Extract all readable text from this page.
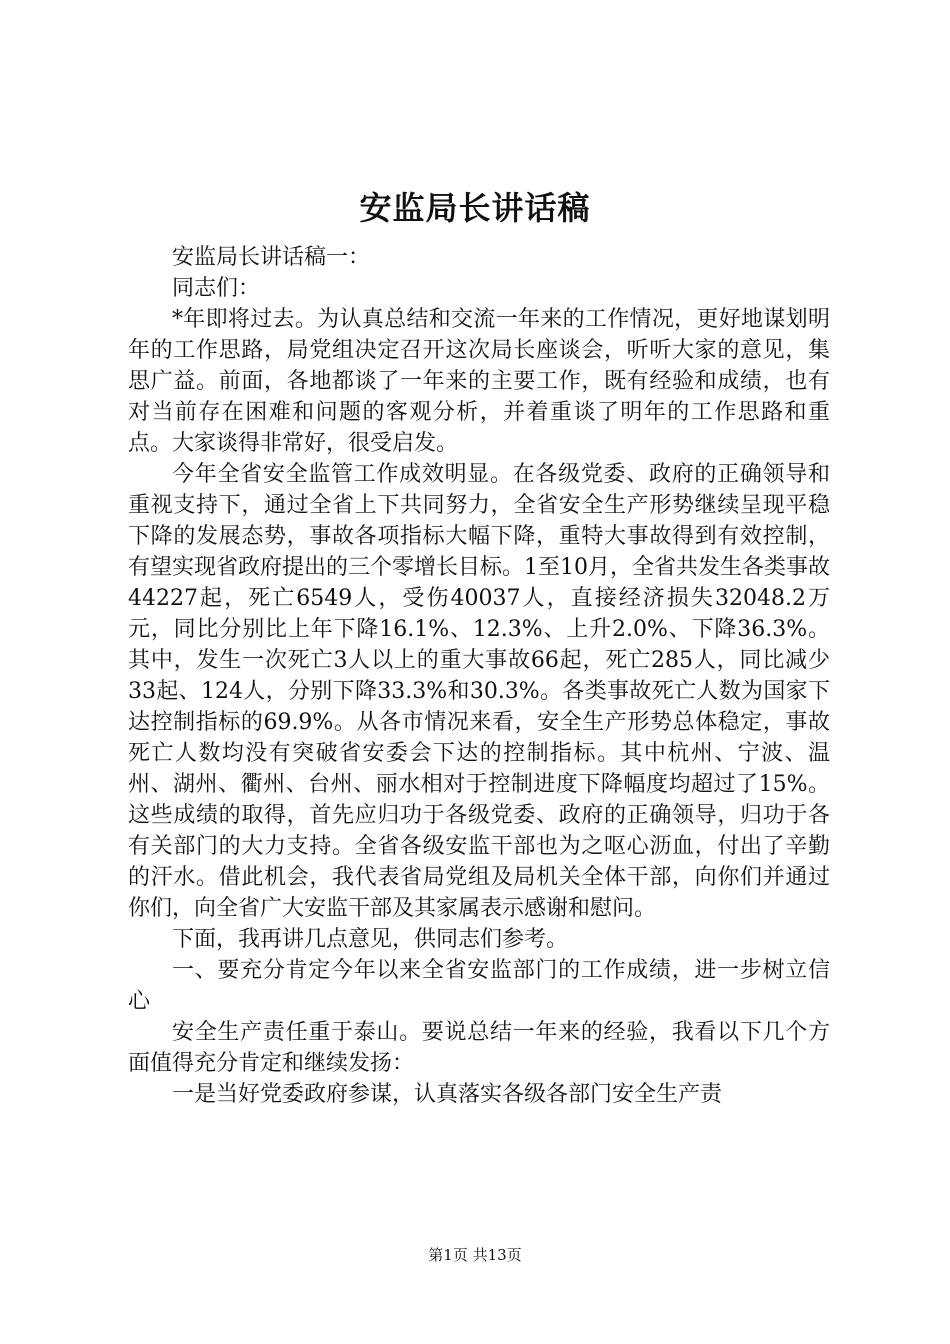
安监局长讲话稿

安监局长讲话稿一：

同志们：

*年即将过去。为认真总结和交流一年来的工作情况，更好地谋划明年的工作思路，局党组决定召开这次局长座谈会，听听大家的意见，集思广益。前面，各地都谈了一年来的主要工作，既有经验和成绩，也有对当前存在困难和问题的客观分析，并着重谈了明年的工作思路和重点。大家谈得非常好，很受启发。

今年全省安全监管工作成效明显。在各级党委、政府的正确领导和重视支持下，通过全省上下共同努力，全省安全生产形势继续呈现平稳下降的发展态势，事故各项指标大幅下降，重特大事故得到有效控制，有望实现省政府提出的三个零增长目标。1至10月，全省共发生各类事故44227起，死亡6549人，受伤40037人，直接经济损失32048.2万元，同比分别比上年下降16.1%、12.3%、上升2.0%、下降36.3%。其中，发生一次死亡3人以上的重大事故66起，死亡285人，同比减少33起、124人，分别下降33.3%和30.3%。各类事故死亡人数为国家下达控制指标的69.9%。从各市情况来看，安全生产形势总体稳定，事故死亡人数均没有突破省安委会下达的控制指标。其中杭州、宁波、温州、湖州、衢州、台州、丽水相对于控制进度下降幅度均超过了15%。这些成绩的取得，首先应归功于各级党委、政府的正确领导，归功于各有关部门的大力支持。全省各级安监干部也为之呕心沥血，付出了辛勤的汗水。借此机会，我代表省局党组及局机关全体干部，向你们并通过你们，向全省广大安监干部及其家属表示感谢和慰问。

下面，我再讲几点意见，供同志们参考。

一、要充分肯定今年以来全省安监部门的工作成绩，进一步树立信心

安全生产责任重于泰山。要说总结一年来的经验，我看以下几个方面值得充分肯定和继续发扬：

一是当好党委政府参谋，认真落实各级各部门安全生产责

第1页 共13页
